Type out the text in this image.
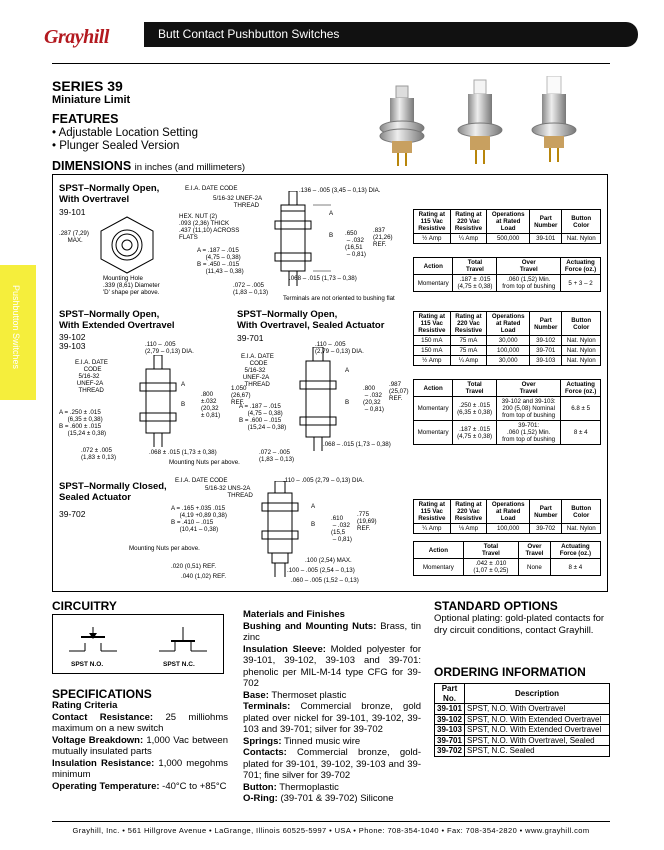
Grayhill	Butt Contact Pushbutton Switches
Pushbutton Switches
SERIES 39
Miniature Limit
FEATURES
• Adjustable Location Setting
• Plunger Sealed Version
DIMENSIONS in inches (and millimeters)
SPST–Normally Open,
With Overtravel
39-101
.287 (7,29)
MAX.
Mounting Hole
.339 (8,61) Diameter
'D' shape per above.
E.I.A. DATE CODE
5/16-32 UNEF-2A
THREAD
.136 – .005 (3,45 – 0,13) DIA.
HEX. NUT (2)
.093 (2,36) THICK
.437 (11,10) ACROSS
FLATS
A = .187 – .015
(4,75 – 0,38)
B = .450 – .015
(11,43 – 0,38)
A
B .650
– .032
(16,51
– 0,81)
.837
(21,26)
REF.
.068 – .015 (1,73 – 0,38)
.072 – .005
(1,83 – 0,13)
Terminals are not oriented to bushing flat
Rating at
115 Vac
Resistive	Rating at
220 Vac
Resistive	Operations
at Rated
Load	Part
Number	Button
Color
½ Amp	¼ Amp	500,000	39-101	Nat. Nylon
Action	Total
Travel	Over
Travel	Actuating
Force (oz.)
Momentary	.187 ± .015
(4,75 ± 0,38)	.060 (1,52) Min.
from top of bushing	5 + 3 – 2
SPST–Normally Open,
With Extended Overtravel
39-102
39-103
E.I.A. DATE
CODE
5/16-32
UNEF-2A
THREAD
A = .250 ± .015
(6,35 ± 0,38)
B = .600 ± .015
(15,24 ± 0,38)
.110 – .005
(2,79 – 0,13) DIA.
A
B
.800
±.032
(20,32
± 0,81)
1.050
(26,67)
REF.
.072 ± .005
(1,83 ± 0,13)
.068 ± .015 (1,73 ± 0,38)
Mounting Nuts per above.
SPST–Normally Open,
With Overtravel, Sealed Actuator
39-701
.110 – .005
(2,79 – 0,13) DIA.
E.I.A. DATE
CODE
5/16-32
UNEF-2A
THREAD
A = .187 – .015
(4,75 – 0,38)
B = .600 – .015
(15,24 – 0,38)
A
B
.800
– .032
(20,32
– 0,81)
.987
(25,07)
REF.
.072 – .005
(1,83 – 0,13)
.068 – .015 (1,73 – 0,38)
Rating at
115 Vac
Resistive	Rating at
220 Vac
Resistive	Operations
at Rated
Load	Part
Number	Button
Color
150 mA	75 mA	30,000	39-102	Nat. Nylon
150 mA	75 mA	100,000	39-701	Nat. Nylon
½ Amp	¼ Amp	30,000	39-103	Nat. Nylon
Action	Total
Travel	Over
Travel	Actuating
Force (oz.)
Momentary	.250 ± .015
(6,35 ± 0,38)	39-102 and 39-103:
200 (5,08) Nominal
from top of bushing	6.8 ± 5
Momentary	.187 ± .015
(4,75 ± 0,38)	39-701:
.060 (1,52) Min.
from top of bushing	8 ± 4
SPST–Normally Closed,
Sealed Actuator
39-702
E.I.A. DATE CODE
5/16-32 UNS-2A
THREAD
.110 – .005 (2,79 – 0,13) DIA.
A = .165 +.035 .015
(4,19 +0,89 0,38)
B = .410 – .015
(10,41 – 0,38)
A
B
.610
– .032
(15,5
– 0,81)
.775
(19,69)
REF.
Mounting Nuts per above.
.100 (2,54) MAX.
.100 – .005 (2,54 – 0,13)
.060 – .005 (1,52 – 0,13)
.020 (0,51) REF.
.040 (1,02) REF.
Rating at
115 Vac
Resistive	Rating at
220 Vac
Resistive	Operations
at Rated
Load	Part
Number	Button
Color
¼ Amp	⅛ Amp	100,000	39-702	Nat. Nylon
Action	Total
Travel	Over
Travel	Actuating
Force (oz.)
Momentary	.042 ± .010
(1,07 ± 0,25)	None	8 ± 4
CIRCUITRY
SPST N.O.	SPST N.C.
SPECIFICATIONS
Rating Criteria
Contact Resistance: 25 milliohms maximum on a new switch
Voltage Breakdown: 1,000 Vac between mutually insulated parts
Insulation Resistance: 1,000 megohms minimum
Operating Temperature: -40°C to +85°C
Materials and Finishes
Bushing and Mounting Nuts: Brass, tin zinc
Insulation Sleeve: Molded polyester for 39-101, 39-102, 39-103 and 39-701: phenolic per MIL-M-14 type CFG for 39-702
Base: Thermoset plastic
Terminals: Commercial bronze, gold plated over nickel for 39-101, 39-102, 39-103 and 39-701; silver for 39-702
Springs: Tinned music wire
Contacts: Commercial bronze, gold-plated for 39-101, 39-102, 39-103 and 39-701; fine silver for 39-702
Button: Thermoplastic
O-Ring: (39-701 & 39-702) Silicone
STANDARD OPTIONS
Optional plating: gold-plated contacts for dry circuit conditions, contact Grayhill.
ORDERING INFORMATION
Part No.	Description
39-101	SPST, N.O. With Overtravel
39-102	SPST, N.O. With Extended Overtravel
39-103	SPST, N.O. With Extended Overtravel
39-701	SPST, N.O. With Overtravel, Sealed
39-702	SPST, N.C. Sealed
Grayhill, Inc. • 561 Hillgrove Avenue • LaGrange, Illinois 60525-5997 • USA • Phone: 708-354-1040 • Fax: 708-354-2820 • www.grayhill.com
